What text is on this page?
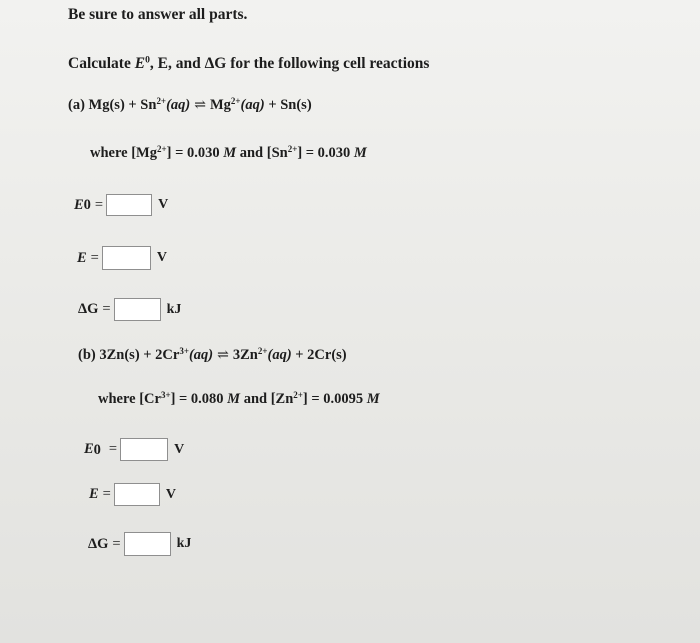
Be sure to answer all parts.
Calculate $E^0$, E, and ΔG for the following cell reactions
(a) $Mg(s) + Sn^{2+}(aq)$ ⇌ $Mg^{2+}(aq) + Sn(s)$
where $[Mg^{2+}] = 0.030$ M and $[Sn^{2+}] = 0.030$ M
E 0 =	V
E =	V
ΔG =	kJ
(b) $3Zn(s) + 2Cr^{3+}(aq)$ ⇌ $3Zn^{2+}(aq) + 2Cr(s)$
where $[Cr^{3+}] = 0.080$ M and $[Zn^{2+}] = 0.0095$ M
E 0 =	V
E =	V
ΔG =	kJ
